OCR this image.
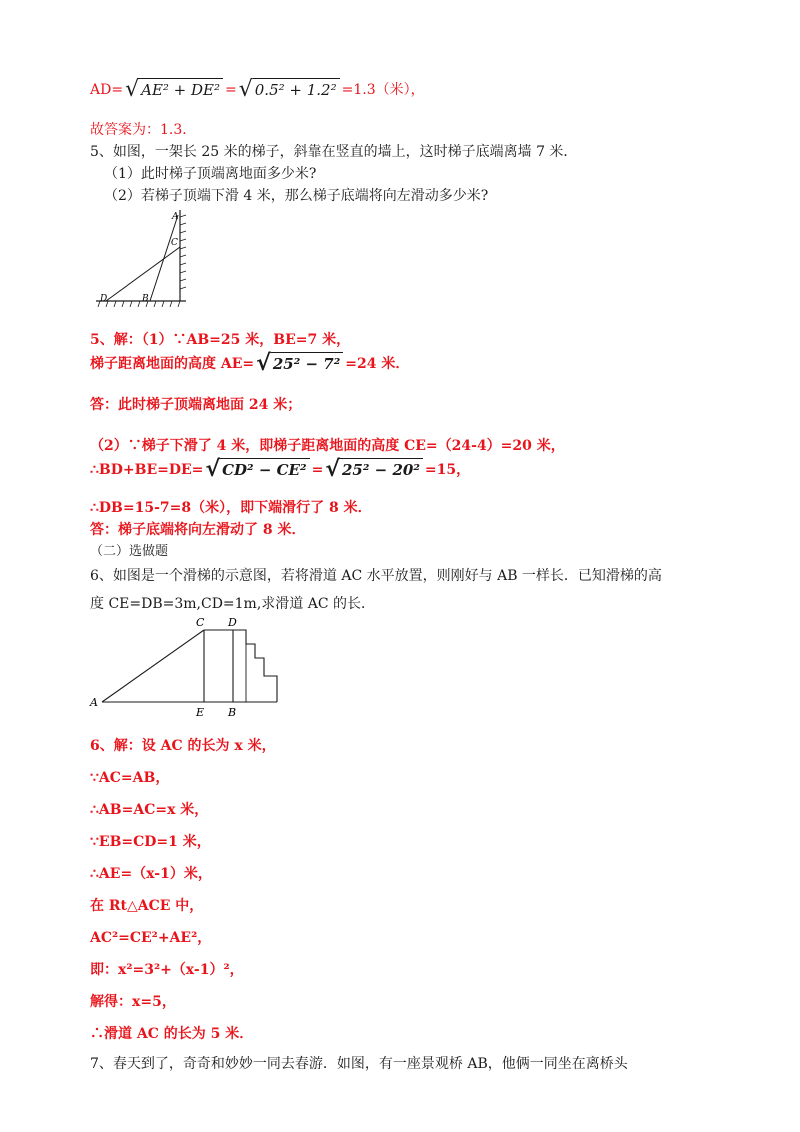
AD= √ AE² + DE² = √ 0.5² + 1.2² =1.3（米），
故答案为：1.3．
5、如图，一架长 25 米的梯子，斜靠在竖直的墙上，这时梯子底端离墙 7 米．
（1）此时梯子顶端离地面多少米?
（2）若梯子顶端下滑 4 米，那么梯子底端将向左滑动多少米?
A
C
D	B
5、解：（1）∵AB=25 米，BE=7 米，
梯子距离地面的高度 AE= √ 25² − 7² =24 米．
答：此时梯子顶端离地面 24 米；
（2）∵梯子下滑了 4 米，即梯子距离地面的高度 CE=（24-4）=20 米，
∴BD+BE=DE= √ CD² − CE² = √ 25² − 20² =15，
∴DB=15-7=8（米），即下端滑行了 8 米．
答：梯子底端将向左滑动了 8 米．
（二）选做题
6、如图是一个滑梯的示意图，若将滑道 AC 水平放置，则刚好与 AB 一样长．已知滑梯的高
度 CE=DB=3m,CD=1m,求滑道 AC 的长．
C D
A
E B
6、解：设 AC 的长为 x 米，
∵AC=AB，
∴AB=AC=x 米，
∵EB=CD=1 米，
∴AE=（x-1）米，
在 Rt△ACE 中，
AC²=CE²+AE²，
即：x²=3²+（x-1）²，
解得：x=5，
∴滑道 AC 的长为 5 米．
7、春天到了，奇奇和妙妙一同去春游．如图，有一座景观桥 AB，他俩一同坐在离桥头
